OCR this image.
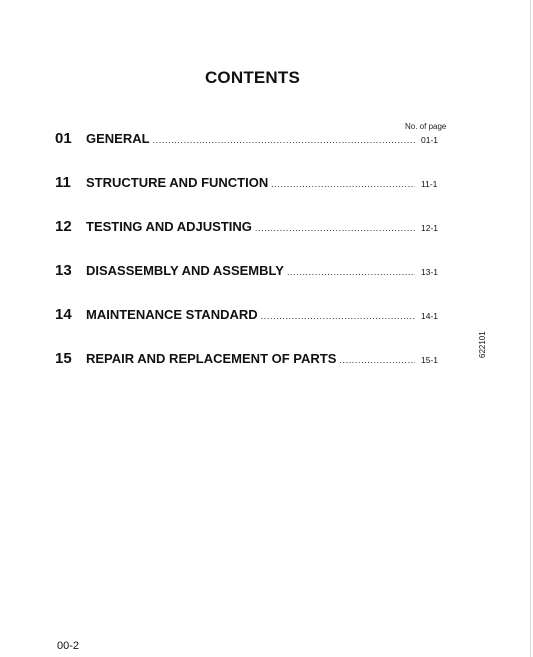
CONTENTS
No. of page
01	GENERAL .....	01-1
11	STRUCTURE AND FUNCTION .....	11-1
12	TESTING AND ADJUSTING .....	12-1
13	DISASSEMBLY AND ASSEMBLY .....	13-1
14	MAINTENANCE STANDARD .....	14-1
15	REPAIR AND REPLACEMENT OF PARTS .....	15-1
622101
00-2
